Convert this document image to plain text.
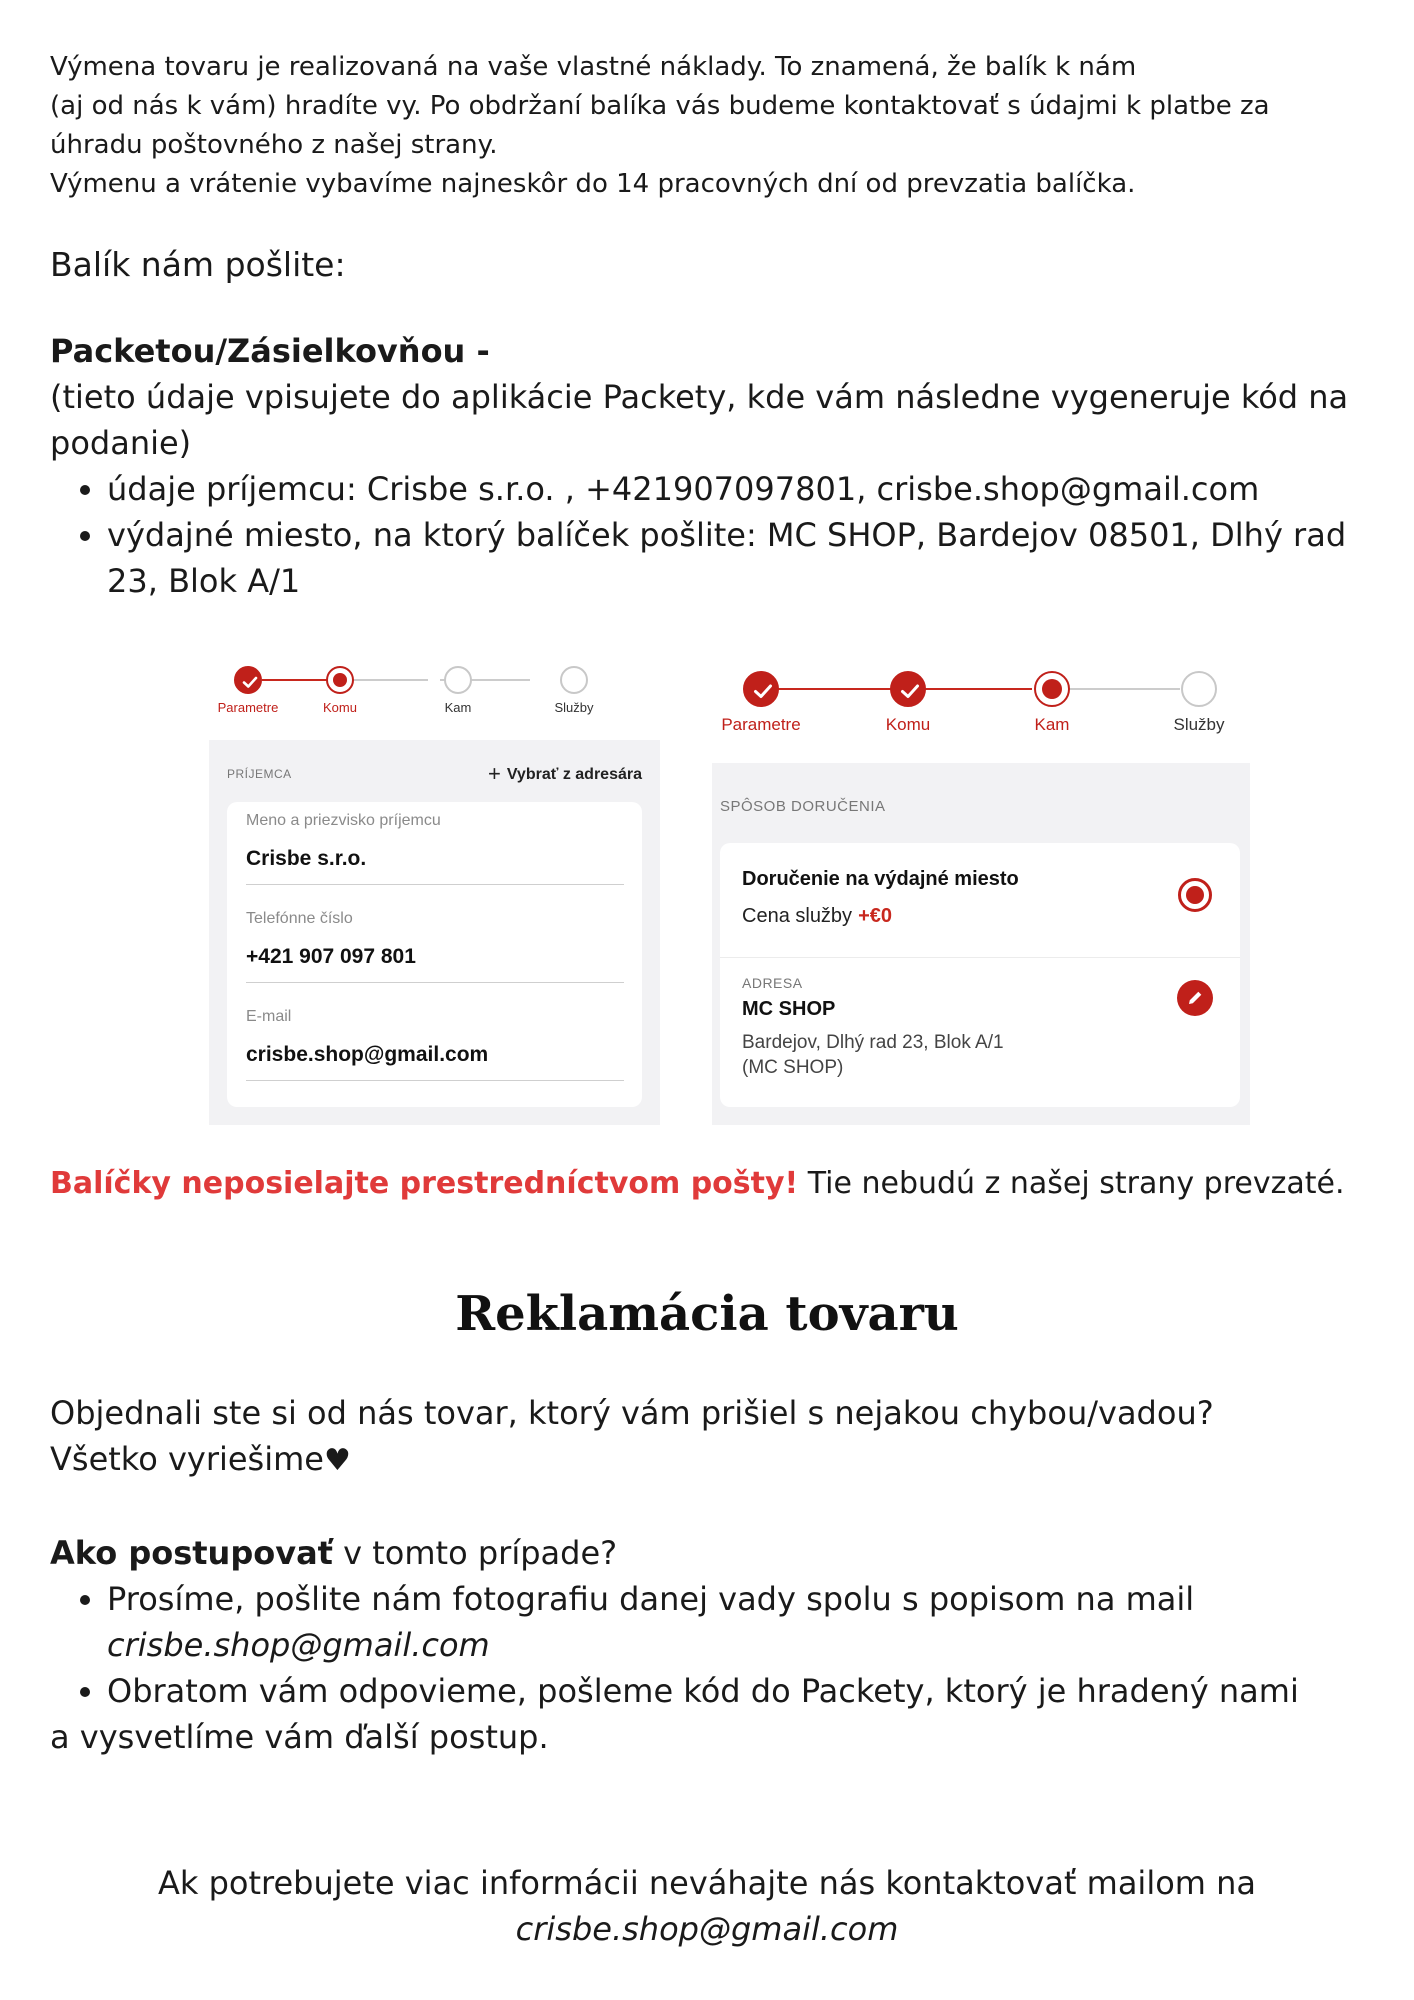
Výmena tovaru je realizovaná na vaše vlastné náklady. To znamená, že balík k nám
(aj od nás k vám) hradíte vy. Po obdržaní balíka vás budeme kontaktovať s údajmi k platbe za
úhradu poštovného z našej strany.
Výmenu a vrátenie vybavíme najneskôr do 14 pracovných dní od prevzatia balíčka.

Balík nám pošlite:

Packetou/Zásielkovňou -

(tieto údaje vpisujete do aplikácie Packety, kde vám následne vygeneruje kód na podanie)

• údaje príjemcu: Crisbe s.r.o. , +421907097801, crisbe.shop@gmail.com
• výdajné miesto, na ktorý balíček pošlite: MC SHOP, Bardejov 08501, Dlhý rad 23, Blok A/1
Parametre	Komu	Kam	Služby
PRÍJEMCA	+ Vybrať z adresára
Meno a priezvisko príjemcu
Crisbe s.r.o.
Telefónne číslo
+421 907 097 801
E-mail
crisbe.shop@gmail.com
Parametre	Komu	Kam	Služby
SPÔSOB DORUČENIA
Doručenie na výdajné miesto
Cena služby +€0
ADRESA
MC SHOP
Bardejov, Dlhý rad 23, Blok A/1
(MC SHOP)

Balíčky neposielajte prestredníctvom pošty! Tie nebudú z našej strany prevzaté.

Reklamácia tovaru

Objednali ste si od nás tovar, ktorý vám prišiel s nejakou chybou/vadou?

Všetko vyriešime♥

Ako postupovať v tomto prípade?

• Prosíme, pošlite nám fotografiu danej vady spolu s popisom na mail
crisbe.shop@gmail.com
• Obratom vám odpovieme, pošleme kód do Packety, ktorý je hradený nami

a vysvetlíme vám ďalší postup.

Ak potrebujete viac informácii neváhajte nás kontaktovať mailom na

crisbe.shop@gmail.com
